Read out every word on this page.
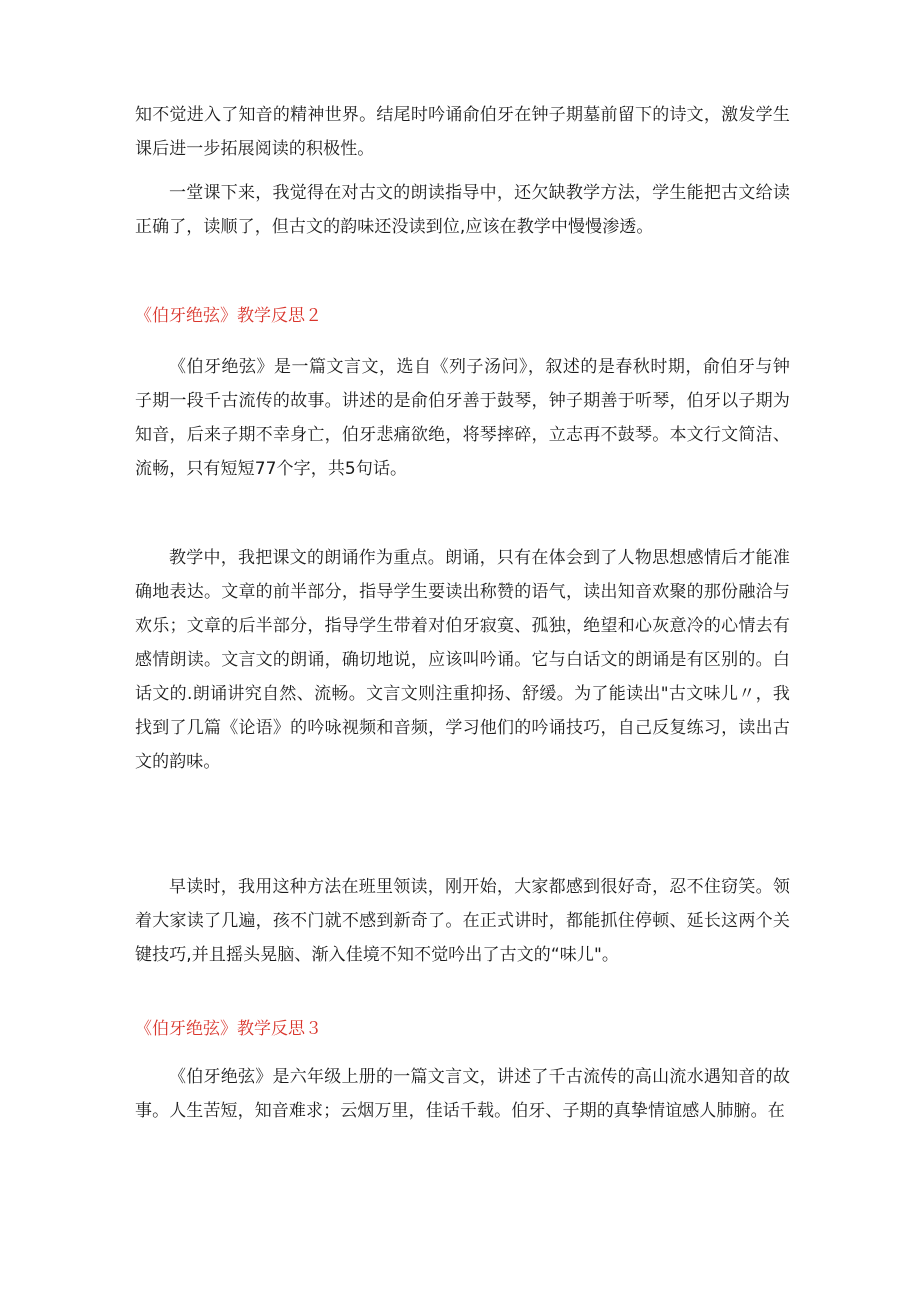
知不觉进入了知音的精神世界。结尾时吟诵俞伯牙在钟子期墓前留下的诗文，激发学生课后进一步拓展阅读的积极性。

一堂课下来，我觉得在对古文的朗读指导中，还欠缺教学方法，学生能把古文给读正确了，读顺了，但古文的韵味还没读到位,应该在教学中慢慢渗透。

《伯牙绝弦》教学反思２

《伯牙绝弦》是一篇文言文，选自《列子汤问》，叙述的是春秋时期，俞伯牙与钟子期一段千古流传的故事。讲述的是俞伯牙善于鼓琴，钟子期善于听琴，伯牙以子期为知音，后来子期不幸身亡，伯牙悲痛欲绝，将琴摔碎，立志再不鼓琴。本文行文简洁、流畅，只有短短77个字，共5句话。

教学中，我把课文的朗诵作为重点。朗诵，只有在体会到了人物思想感情后才能准确地表达。文章的前半部分，指导学生要读出称赞的语气，读出知音欢聚的那份融洽与欢乐；文章的后半部分，指导学生带着对伯牙寂寞、孤独，绝望和心灰意冷的心情去有感情朗读。文言文的朗诵，确切地说，应该叫吟诵。它与白话文的朗诵是有区别的。白话文的.朗诵讲究自然、流畅。文言文则注重抑扬、舒缓。为了能读出"古文味儿〃，我找到了几篇《论语》的吟咏视频和音频，学习他们的吟诵技巧，自己反复练习，读出古文的韵味。

早读时，我用这种方法在班里领读，刚开始，大家都感到很好奇，忍不住窃笑。领着大家读了几遍，孩不门就不感到新奇了。在正式讲时，都能抓住停顿、延长这两个关键技巧,并且摇头晃脑、渐入佳境不知不觉吟出了古文的“味儿"。

《伯牙绝弦》教学反思３

《伯牙绝弦》是六年级上册的一篇文言文，讲述了千古流传的高山流水遇知音的故事。人生苦短，知音难求；云烟万里，佳话千载。伯牙、子期的真挚情谊感人肺腑。在
